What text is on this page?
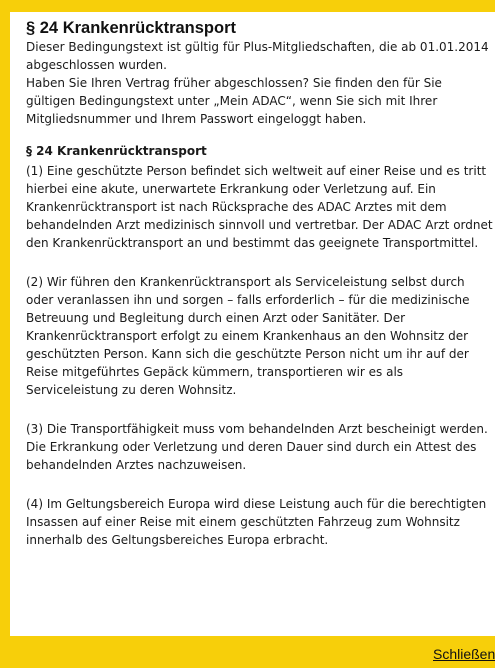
§ 24 Krankenrücktransport
Dieser Bedingungstext ist gültig für Plus-Mitgliedschaften, die ab 01.01.2014 abgeschlossen wurden.
Haben Sie Ihren Vertrag früher abgeschlossen? Sie finden den für Sie gültigen Bedingungstext unter „Mein ADAC“, wenn Sie sich mit Ihrer Mitgliedsnummer und Ihrem Passwort eingeloggt haben.
§ 24 Krankenrücktransport
(1) Eine geschützte Person befindet sich weltweit auf einer Reise und es tritt hierbei eine akute, unerwartete Erkrankung oder Verletzung auf. Ein Krankenrücktransport ist nach Rücksprache des ADAC Arztes mit dem behandelnden Arzt medizinisch sinnvoll und vertretbar. Der ADAC Arzt ordnet den Krankenrücktransport an und bestimmt das geeignete Transportmittel.
(2) Wir führen den Krankenrücktransport als Serviceleistung selbst durch oder veranlassen ihn und sorgen – falls erforderlich – für die medizinische Betreuung und Begleitung durch einen Arzt oder Sanitäter. Der Krankenrücktransport erfolgt zu einem Krankenhaus an den Wohnsitz der geschützten Person. Kann sich die geschützte Person nicht um ihr auf der Reise mitgeführtes Gepäck kümmern, transportieren wir es als Serviceleistung zu deren Wohnsitz.
(3) Die Transportfähigkeit muss vom behandelnden Arzt bescheinigt werden. Die Erkrankung oder Verletzung und deren Dauer sind durch ein Attest des behandelnden Arztes nachzuweisen.
(4) Im Geltungsbereich Europa wird diese Leistung auch für die berechtigten Insassen auf einer Reise mit einem geschützten Fahrzeug zum Wohnsitz innerhalb des Geltungsbereiches Europa erbracht.
Schließen
